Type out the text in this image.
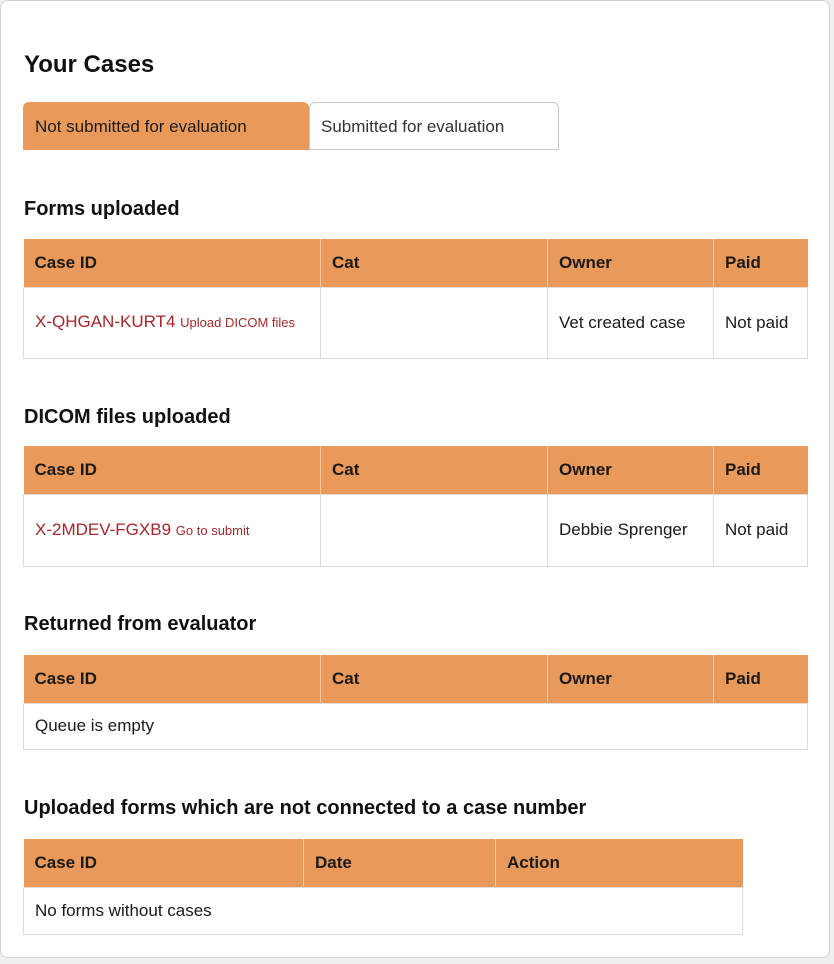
Your Cases
Not submitted for evaluation	Submitted for evaluation
Forms uploaded
Case ID	Cat	Owner	Paid
X-QHGAN-KURT4 Upload DICOM files		Vet created case	Not paid
DICOM files uploaded
Case ID	Cat	Owner	Paid
X-2MDEV-FGXB9 Go to submit		Debbie Sprenger	Not paid
Returned from evaluator
Case ID	Cat	Owner	Paid
Queue is empty
Uploaded forms which are not connected to a case number
Case ID	Date	Action
No forms without cases
